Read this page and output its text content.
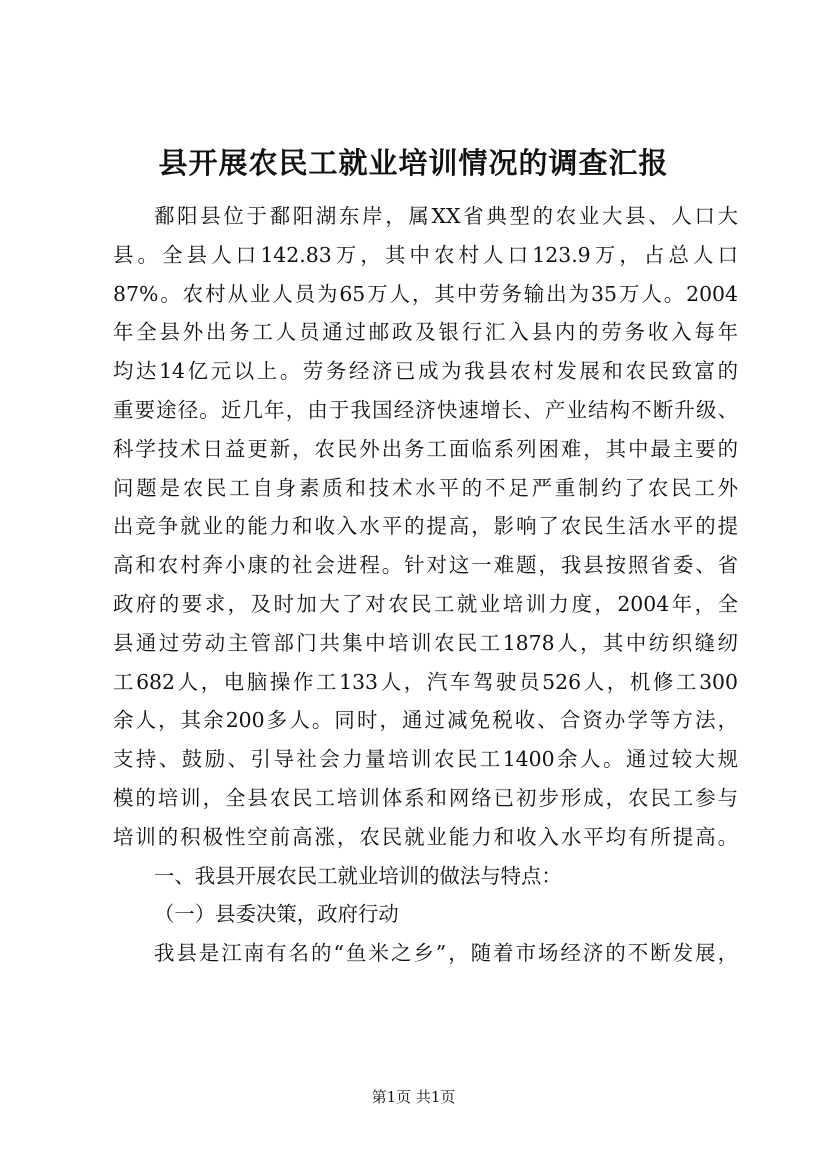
县开展农民工就业培训情况的调查汇报
鄱阳县位于鄱阳湖东岸，属XX省典型的农业大县、人口大
县。全县人口142.83万，其中农村人口123.9万，占总人口
87%。农村从业人员为65万人，其中劳务输出为35万人。2004
年全县外出务工人员通过邮政及银行汇入县内的劳务收入每年
均达14亿元以上。劳务经济已成为我县农村发展和农民致富的
重要途径。近几年，由于我国经济快速增长、产业结构不断升级、
科学技术日益更新，农民外出务工面临系列困难，其中最主要的
问题是农民工自身素质和技术水平的不足严重制约了农民工外
出竞争就业的能力和收入水平的提高，影响了农民生活水平的提
高和农村奔小康的社会进程。针对这一难题，我县按照省委、省
政府的要求，及时加大了对农民工就业培训力度，2004年，全
县通过劳动主管部门共集中培训农民工1878人，其中纺织缝纫
工682人，电脑操作工133人，汽车驾驶员526人，机修工300
余人，其余200多人。同时，通过减免税收、合资办学等方法，
支持、鼓励、引导社会力量培训农民工1400余人。通过较大规
模的培训，全县农民工培训体系和网络已初步形成，农民工参与
培训的积极性空前高涨，农民就业能力和收入水平均有所提高。
一、我县开展农民工就业培训的做法与特点：
（一）县委决策，政府行动
我县是江南有名的“鱼米之乡”，随着市场经济的不断发展，
第1页 共1页
